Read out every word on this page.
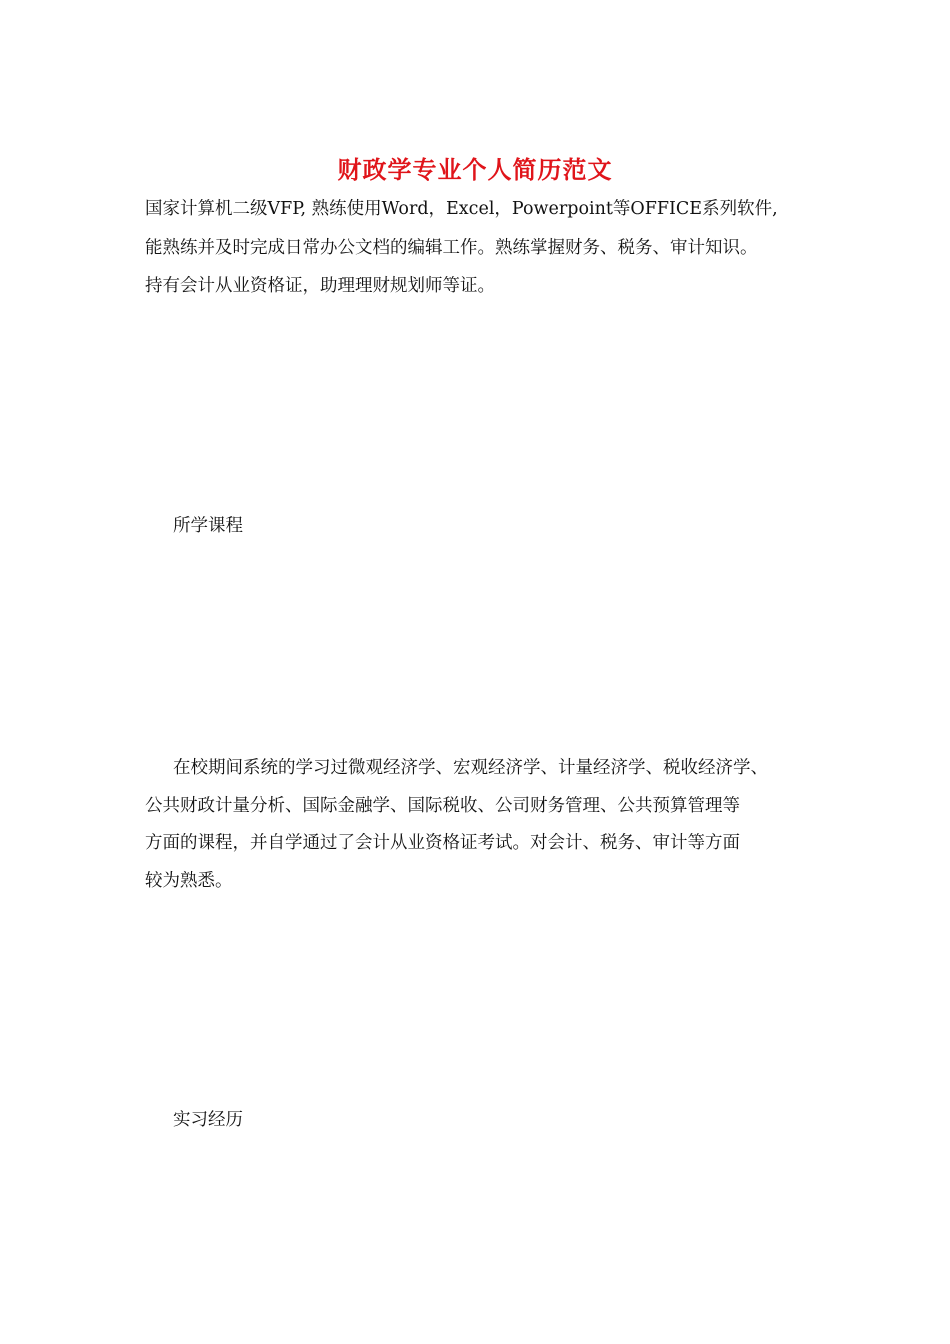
财政学专业个人简历范文
国家计算机二级VFP, 熟练使用Word，Excel，Powerpoint等OFFICE系列软件,
能熟练并及时完成日常办公文档的编辑工作。熟练掌握财务、税务、审计知识。
持有会计从业资格证，助理理财规划师等证。
所学课程
在校期间系统的学习过微观经济学、宏观经济学、计量经济学、税收经济学、
公共财政计量分析、国际金融学、国际税收、公司财务管理、公共预算管理等
方面的课程，并自学通过了会计从业资格证考试。对会计、税务、审计等方面
较为熟悉。
实习经历
